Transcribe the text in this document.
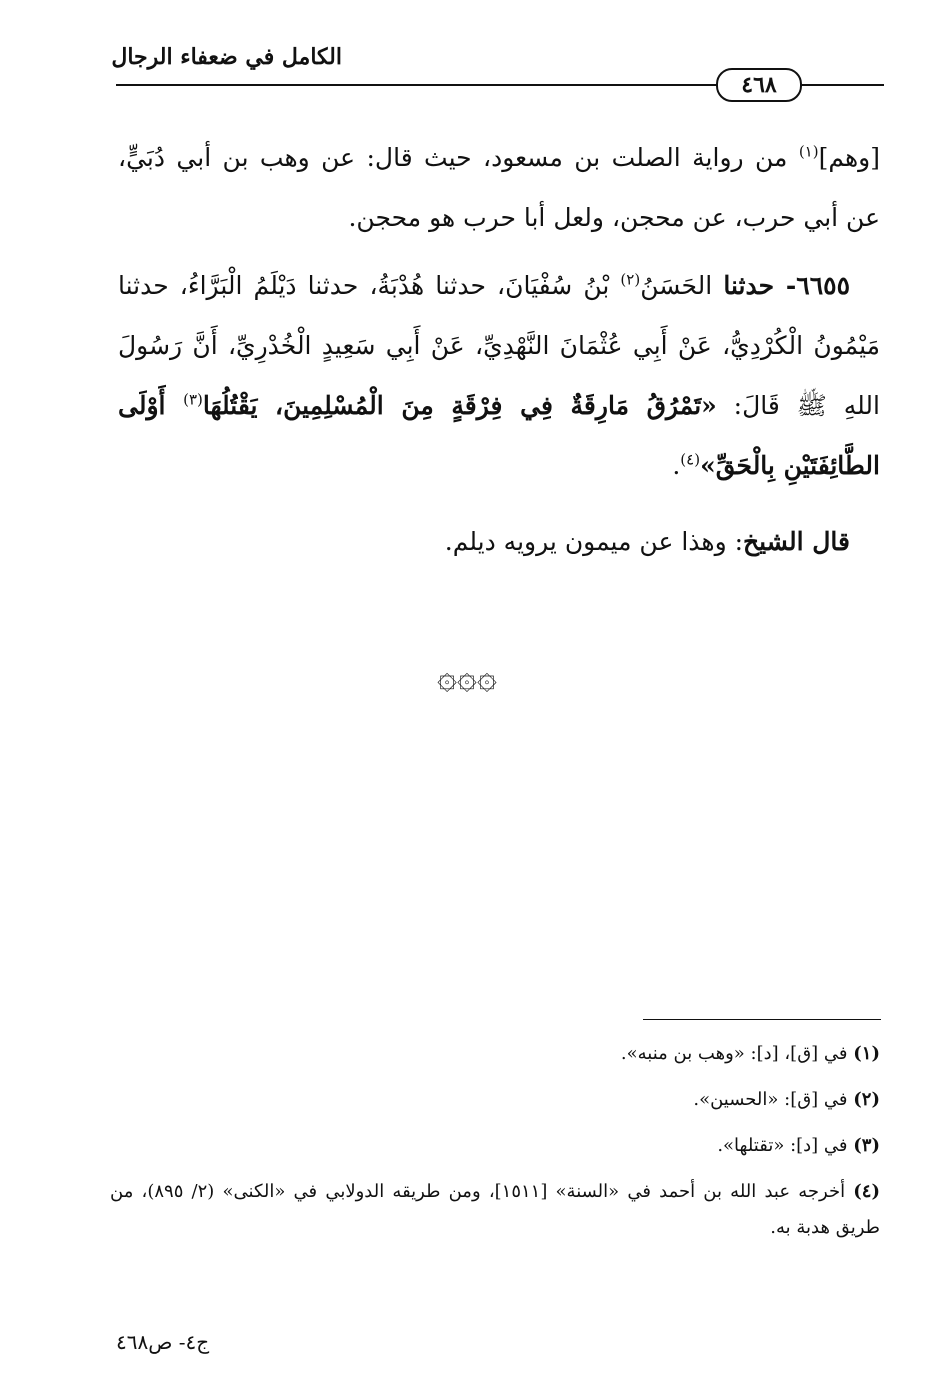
الكامل في ضعفاء الرجال
٤٦٨
[وهم]$^{(١)}$ من رواية الصلت بن مسعود، حيث قال: عن وهب بن أبي دُبَيٍّ، عن أبي حرب، عن محجن، ولعل أبا حرب هو محجن.
٦٦٥٥- حدثنا الحَسَنُ$^{(٢)}$ بْنُ سُفْيَانَ، حدثنا هُدْبَةُ، حدثنا دَيْلَمُ الْبَرَّاءُ، حدثنا مَيْمُونُ الْكُرْدِيُّ، عَنْ أَبِي عُثْمَانَ النَّهْدِيِّ، عَنْ أَبِي سَعِيدٍ الْخُدْرِيِّ، أَنَّ رَسُولَ اللهِ ﷺ قَالَ: «تَمْرُقُ مَارِقَةٌ فِي فِرْقَةٍ مِنَ الْمُسْلِمِينَ، يَقْتُلُهَا$^{(٣)}$ أَوْلَى الطَّائِفَتَيْنِ بِالْحَقِّ»$^{(٤)}$.
قال الشيخ: وهذا عن ميمون يرويه ديلم.
۞۞۞
(١) في [ق]، [د]: «وهب بن منبه».
(٢) في [ق]: «الحسين».
(٣) في [د]: «تقتلها».
(٤) أخرجه عبد الله بن أحمد في «السنة» [١٥١١]، ومن طريقه الدولابي في «الكنى» (٢/ ٨٩٥)، من طريق هدبة به.
ج٤- ص٤٦٨
